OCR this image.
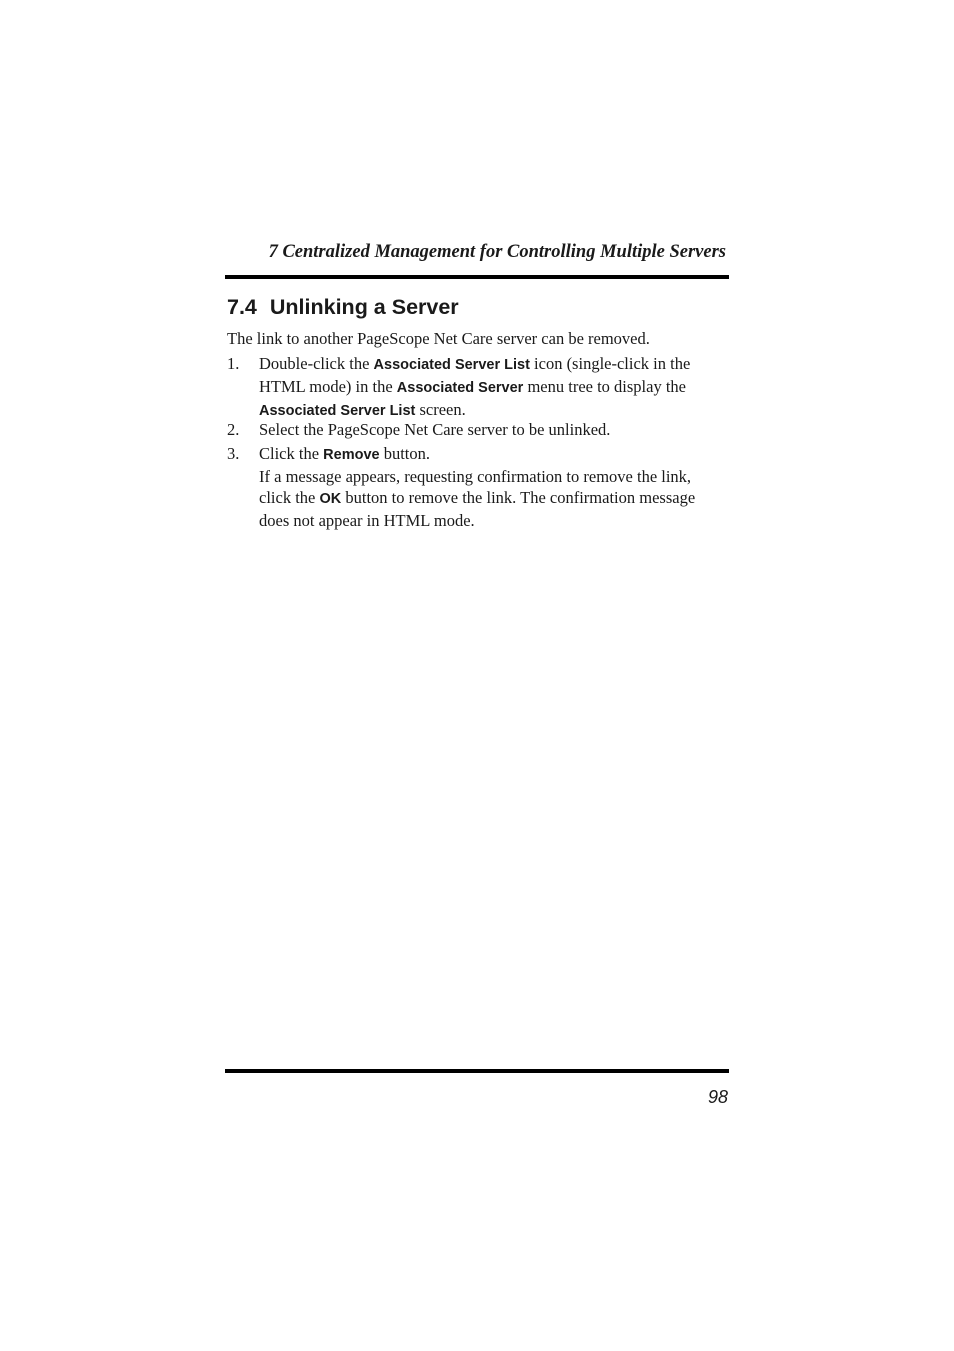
7 Centralized Management for Controlling Multiple Servers
7.4 Unlinking a Server

The link to another PageScope Net Care server can be removed.

1. Double-click the Associated Server List icon (single-click in the
HTML mode) in the Associated Server menu tree to display the
Associated Server List screen.
2. Select the PageScope Net Care server to be unlinked.
3. Click the Remove button.
If a message appears, requesting confirmation to remove the link,
click the OK button to remove the link. The confirmation message
does not appear in HTML mode.
98
